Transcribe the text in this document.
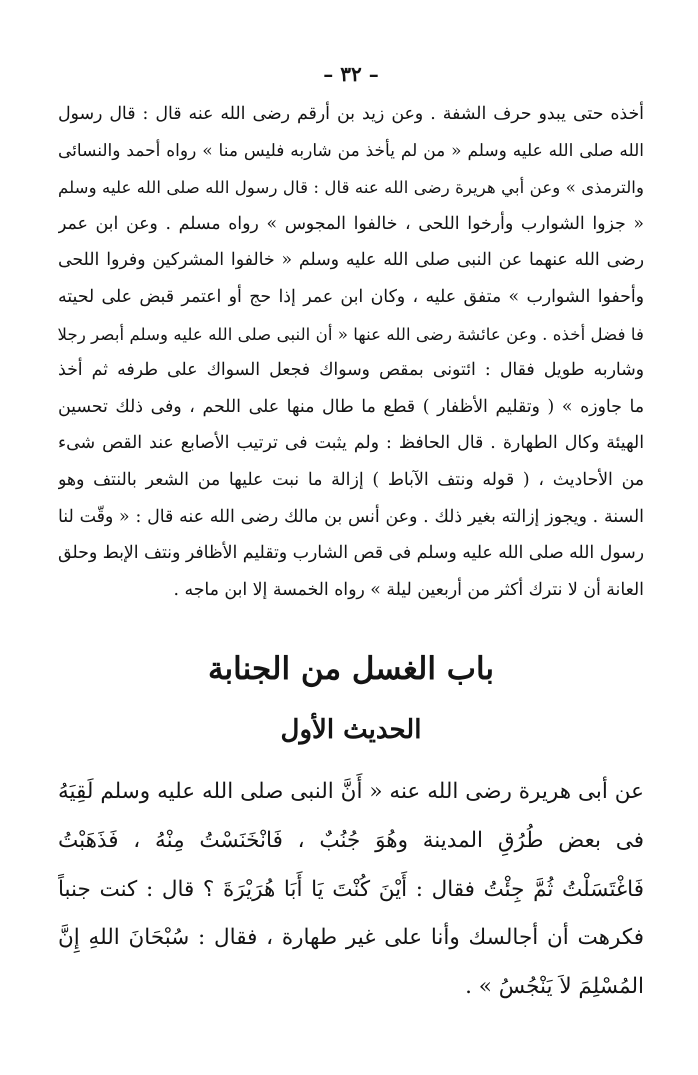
– ٣٢ –
أخذه حتى يبدو حرف الشفة . وعن زيد بن أرقم رضى الله عنه قال : قال رسول
الله صلى الله عليه وسلم « من لم يأخذ من شاربه فليس منا » رواه أحمد والنسائى
والترمذى » وعن أبي هريرة رضى الله عنه قال : قال رسول الله صلى الله عليه وسلم
« جزوا الشوارب وأرخوا اللحى ، خالفوا المجوس » رواه مسلم . وعن ابن عمر
رضى الله عنهما عن النبى صلى الله عليه وسلم « خالفوا المشركين وفروا اللحى
وأحفوا الشوارب » متفق عليه ، وكان ابن عمر إذا حج أو اعتمر قبض على لحيته
فا فضل أخذه . وعن عائشة رضى الله عنها « أن النبى صلى الله عليه وسلم أبصر رجلا
وشاربه طويل فقال : ائتونى بمقص وسواك فجعل السواك على طرفه ثم أخذ
ما جاوزه » ( وتقليم الأظفار ) قطع ما طال منها على اللحم ، وفى ذلك تحسين
الهيئة وكال الطهارة . قال الحافظ : ولم يثبت فى ترتيب الأصابع عند القص شىء
من الأحاديث ، ( قوله ونتف الآباط ) إزالة ما نبت عليها من الشعر بالنتف وهو
السنة . ويجوز إزالته بغير ذلك . وعن أنس بن مالك رضى الله عنه قال : « وقّت لنا
رسول الله صلى الله عليه وسلم فى قص الشارب وتقليم الأظافر ونتف الإبط وحلق
العانة أن لا نترك أكثر من أربعين ليلة » رواه الخمسة إلا ابن ماجه .
باب الغسل من الجنابة
الحديث الأول
عن أبى هريرة رضى الله عنه « أَنَّ النبى صلى الله عليه وسلم لَقِيَهُ
فى بعض طُرُقِ المدينة وهُوَ جُنُبٌ ، فَانْخَنَسْتُ مِنْهُ ، فَذَهَبْتُ
فَاغْتَسَلْتُ ثُمَّ جِئْتُ فقال : أَيْنَ كُنْتَ يَا أَبَا هُرَيْرَةَ ؟ قال : كنت جنباً
فكرهت أن أجالسك وأنا على غير طهارة ، فقال : سُبْحَانَ اللهِ إِنَّ
المُسْلِمَ لاَ يَنْجُسُ » .
